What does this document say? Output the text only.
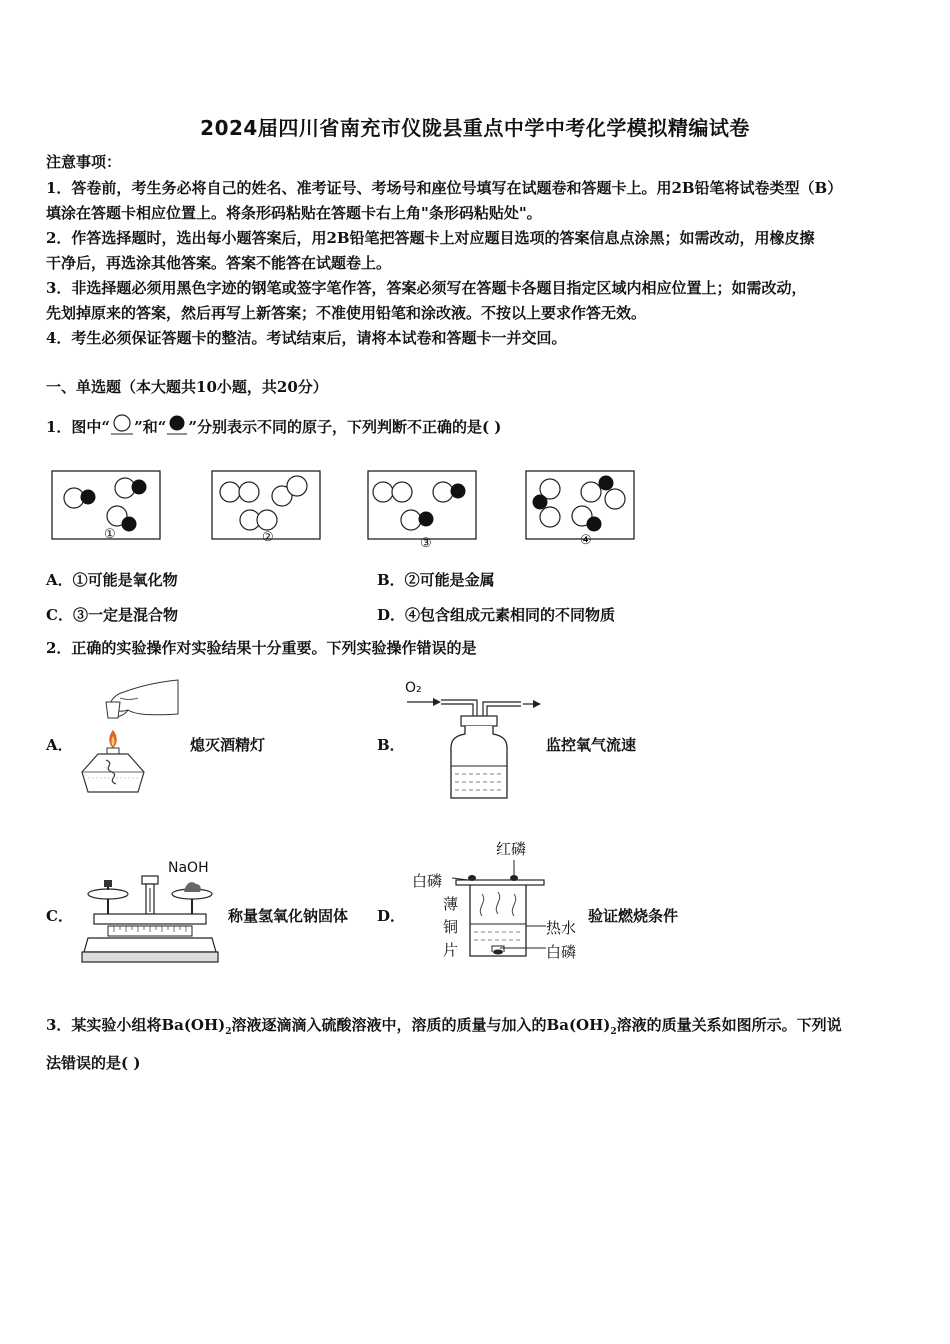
2024届四川省南充市仪陇县重点中学中考化学模拟精编试卷
注意事项：
1．答卷前，考生务必将自己的姓名、准考证号、考场号和座位号填写在试题卷和答题卡上。用2B铅笔将试卷类型（B）
填涂在答题卡相应位置上。将条形码粘贴在答题卡右上角"条形码粘贴处"。
2．作答选择题时，选出每小题答案后，用2B铅笔把答题卡上对应题目选项的答案信息点涂黑；如需改动，用橡皮擦
干净后，再选涂其他答案。答案不能答在试题卷上。
3．非选择题必须用黑色字迹的钢笔或签字笔作答，答案必须写在答题卡各题目指定区域内相应位置上；如需改动，
先划掉原来的答案，然后再写上新答案；不准使用铅笔和涂改液。不按以上要求作答无效。
4．考生必须保证答题卡的整洁。考试结束后，请将本试卷和答题卡一并交回。
一、单选题（本大题共10小题，共20分）
1．图中“ ”和“ ”分别表示不同的原子，下列判断不正确的是( )
①	②	③	④
A．①可能是氧化物	B．②可能是金属
C．③一定是混合物	D．④包含组成元素相同的不同物质
2．正确的实验操作对实验结果十分重要。下列实验操作错误的是
A．	熄灭酒精灯	B．
O₂
监控氧气流速
C．
NaOH
称量氢氧化钠固体 D．
红磷
白磷
薄
铜
片
热水
白磷
验证燃烧条件
3．某实验小组将$Ba(OH)_2$溶液逐滴滴入硫酸溶液中，溶质的质量与加入的$Ba(OH)_2$溶液的质量关系如图所示。下列说
法错误的是( )
